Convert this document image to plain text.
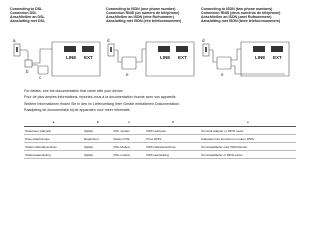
Connecting to DSL
Connexion DSL
Anschließen an DSL
Aansluiting met DSL
Connecting to ISDN (one phone number)
Connexion RNIS (un numéro de téléphone)
Anschließen an ISDN (eine Rufnummer)
Aansluiting met ISDN (één telefoonnummer)
Connecting to ISDN (two phone numbers)
Connexion RNIS (deux numéros de téléphone)
Anschließen an ISDN (zwei Rufnummern)
Aansluiting met ISDN (twee telefoonnummers)
LINE EXT
a
b
c
LINE EXT
d
e
LINE EXT
d
e
For details, see the documentation that came with your device.
Pour de plus amples informations, reportez-vous à la documentation fournie avec vos appareils.
Weitere Informationen finden Sie in den im Lieferumfang Ihrer Geräte enthaltenen Dokumentation.
Raadpleeg de documentatie bij de apparaten voor meer informatie.
a	b	c	d	e
Telephone wall jack	Splitter	DSL modem	ISDN wall jack	Terminal adapter or ISDN router
Prise téléphonique	Répartiteur	Modem DSL	Prise RNIS	Adaptateur de terminal ou routeur RNIS
Telefon-Wandanschluss	Splitter	DSL-Modem	ISDN-Wandanschluss	Terminaladapter oder ISDN-Router
Telefoonaansluiting	Splitter	DSL-modem	ISDN-aansluiting	Terminaladapter of ISDN-router
